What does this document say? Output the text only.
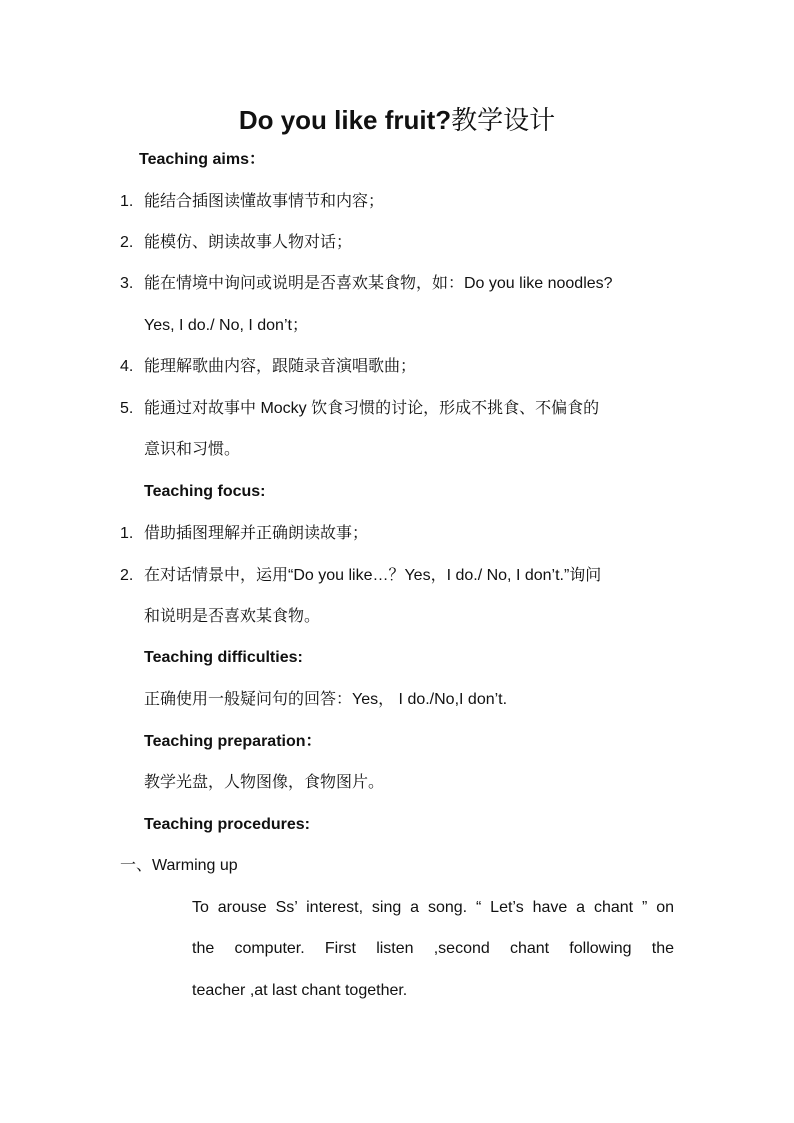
Do you like fruit?教学设计
Teaching aims：
1. 能结合插图读懂故事情节和内容；
2. 能模仿、朗读故事人物对话；
3. 能在情境中询问或说明是否喜欢某食物，如：Do you like noodles?
Yes, I do./ No, I don’t；
4. 能理解歌曲内容，跟随录音演唱歌曲；
5. 能通过对故事中 Mocky 饮食习惯的讨论，形成不挑食、不偏食的
意识和习惯。
Teaching focus:
1. 借助插图理解并正确朗读故事；
2. 在对话情景中，运用“Do you like…？Yes，I do./ No, I don’t.”询问
和说明是否喜欢某食物。
Teaching difficulties:
正确使用一般疑问句的回答：Yes， I do./No,I don’t.
Teaching preparation：
教学光盘，人物图像，食物图片。
Teaching procedures:
一、Warming up
To arouse Ss’ interest, sing a song. “ Let’s have a chant ” on
the computer. First listen ,second chant following the
teacher ,at last chant together.
